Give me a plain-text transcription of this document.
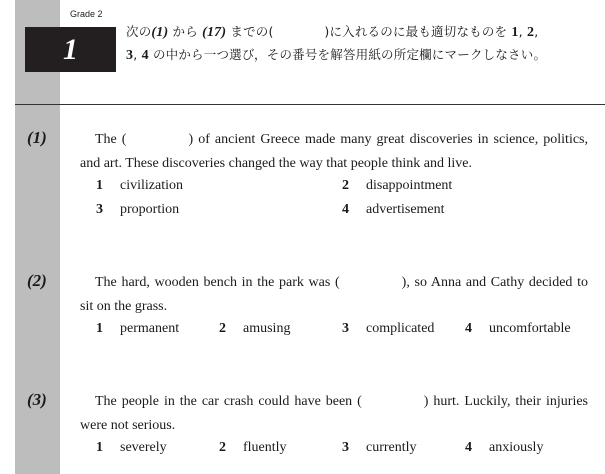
Grade 2
1
次の(1) から (17) までの(　　　　)に入れるのに最も適切なものを 1, 2,
3, 4 の中から一つ選び，その番号を解答用紙の所定欄にマークしなさい。
(1)	The (	) of ancient Greece made many great discoveries in science, politics, and art. These discoveries changed the way that people think and live.

1 civilization	2 disappointment
3 proportion	4 advertisement
(2)	The hard, wooden bench in the park was (	), so Anna and Cathy decided to sit on the grass.

1 permanent	2 amusing	3 complicated 4 uncomfortable
(3)	The people in the car crash could have been (	) hurt. Luckily, their injuries were not serious.

1 severely	2 fluently	3 currently	4 anxiously
